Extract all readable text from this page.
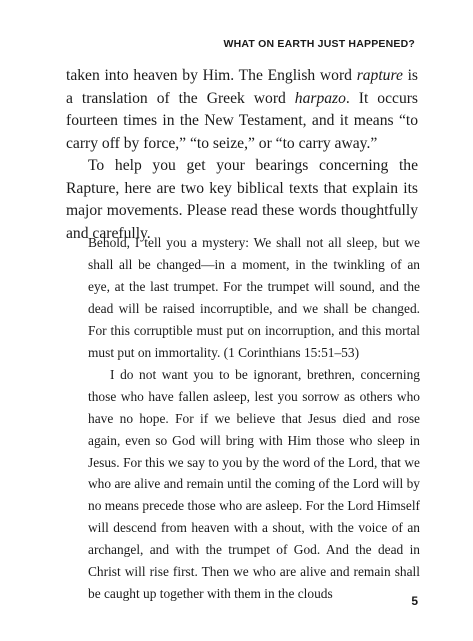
WHAT ON EARTH JUST HAPPENED?

taken into heaven by Him. The English word rapture is a translation of the Greek word harpazo. It occurs fourteen times in the New Testament, and it means “to carry off by force,” “to seize,” or “to carry away.”

To help you get your bearings concerning the Rapture, here are two key biblical texts that explain its major movements. Please read these words thoughtfully and carefully.

Behold, I tell you a mystery: We shall not all sleep, but we shall all be changed—in a moment, in the twinkling of an eye, at the last trumpet. For the trumpet will sound, and the dead will be raised incorruptible, and we shall be changed. For this corruptible must put on incorruption, and this mortal must put on immortality. (1 Corinthians 15:51–53)

I do not want you to be ignorant, brethren, concerning those who have fallen asleep, lest you sorrow as others who have no hope. For if we believe that Jesus died and rose again, even so God will bring with Him those who sleep in Jesus. For this we say to you by the word of the Lord, that we who are alive and remain until the coming of the Lord will by no means precede those who are asleep. For the Lord Himself will descend from heaven with a shout, with the voice of an archangel, and with the trumpet of God. And the dead in Christ will rise first. Then we who are alive and remain shall be caught up together with them in the clouds	5
